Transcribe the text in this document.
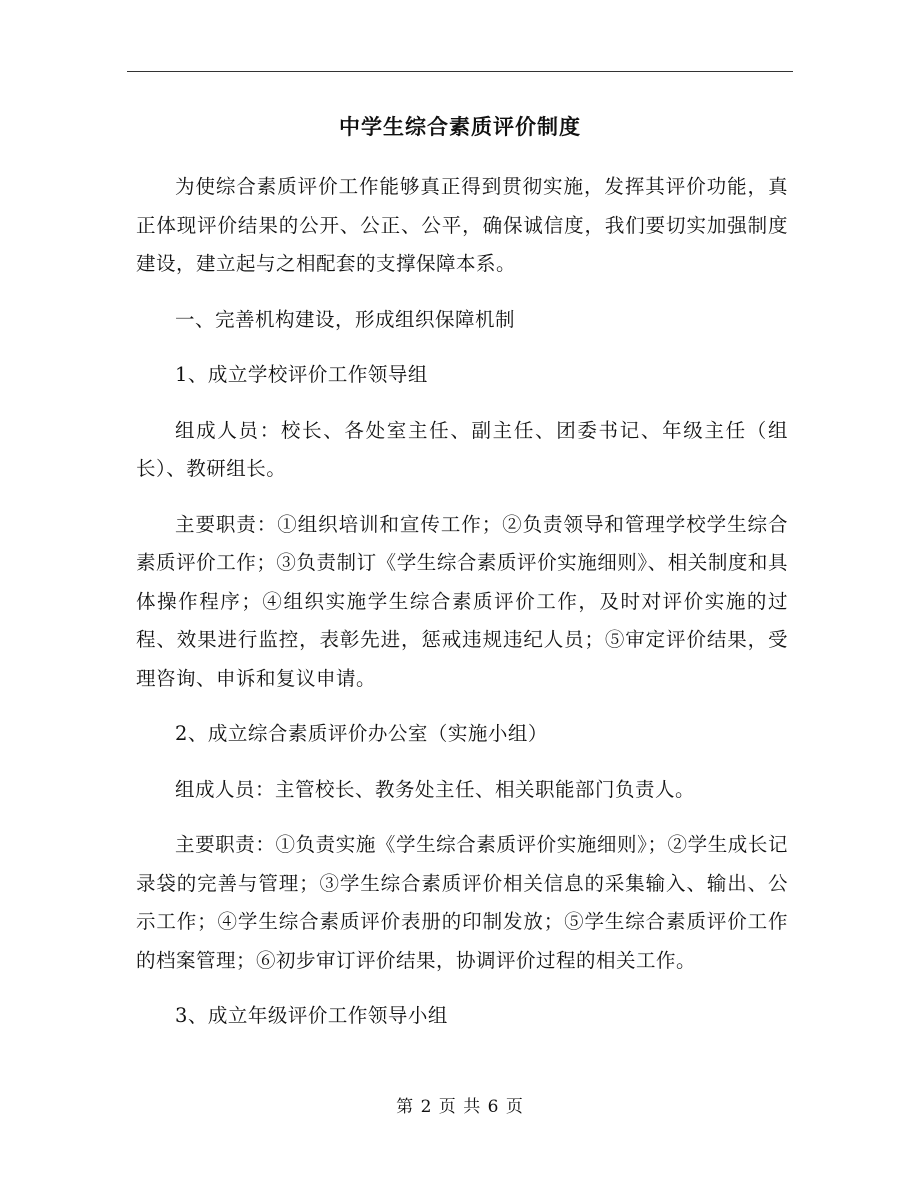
中学生综合素质评价制度

为使综合素质评价工作能够真正得到贯彻实施，发挥其评价功能，真正体现评价结果的公开、公正、公平，确保诚信度，我们要切实加强制度建设，建立起与之相配套的支撑保障本系。

一、完善机构建设，形成组织保障机制

1、成立学校评价工作领导组

组成人员：校长、各处室主任、副主任、团委书记、年级主任（组长）、教研组长。

主要职责：①组织培训和宣传工作；②负责领导和管理学校学生综合素质评价工作；③负责制订《学生综合素质评价实施细则》、相关制度和具体操作程序；④组织实施学生综合素质评价工作，及时对评价实施的过程、效果进行监控，表彰先进，惩戒违规违纪人员；⑤审定评价结果，受理咨询、申诉和复议申请。

2、成立综合素质评价办公室（实施小组）

组成人员：主管校长、教务处主任、相关职能部门负责人。

主要职责：①负责实施《学生综合素质评价实施细则》；②学生成长记录袋的完善与管理；③学生综合素质评价相关信息的采集输入、输出、公示工作；④学生综合素质评价表册的印制发放；⑤学生综合素质评价工作的档案管理；⑥初步审订评价结果，协调评价过程的相关工作。

3、成立年级评价工作领导小组

第 2 页 共 6 页
